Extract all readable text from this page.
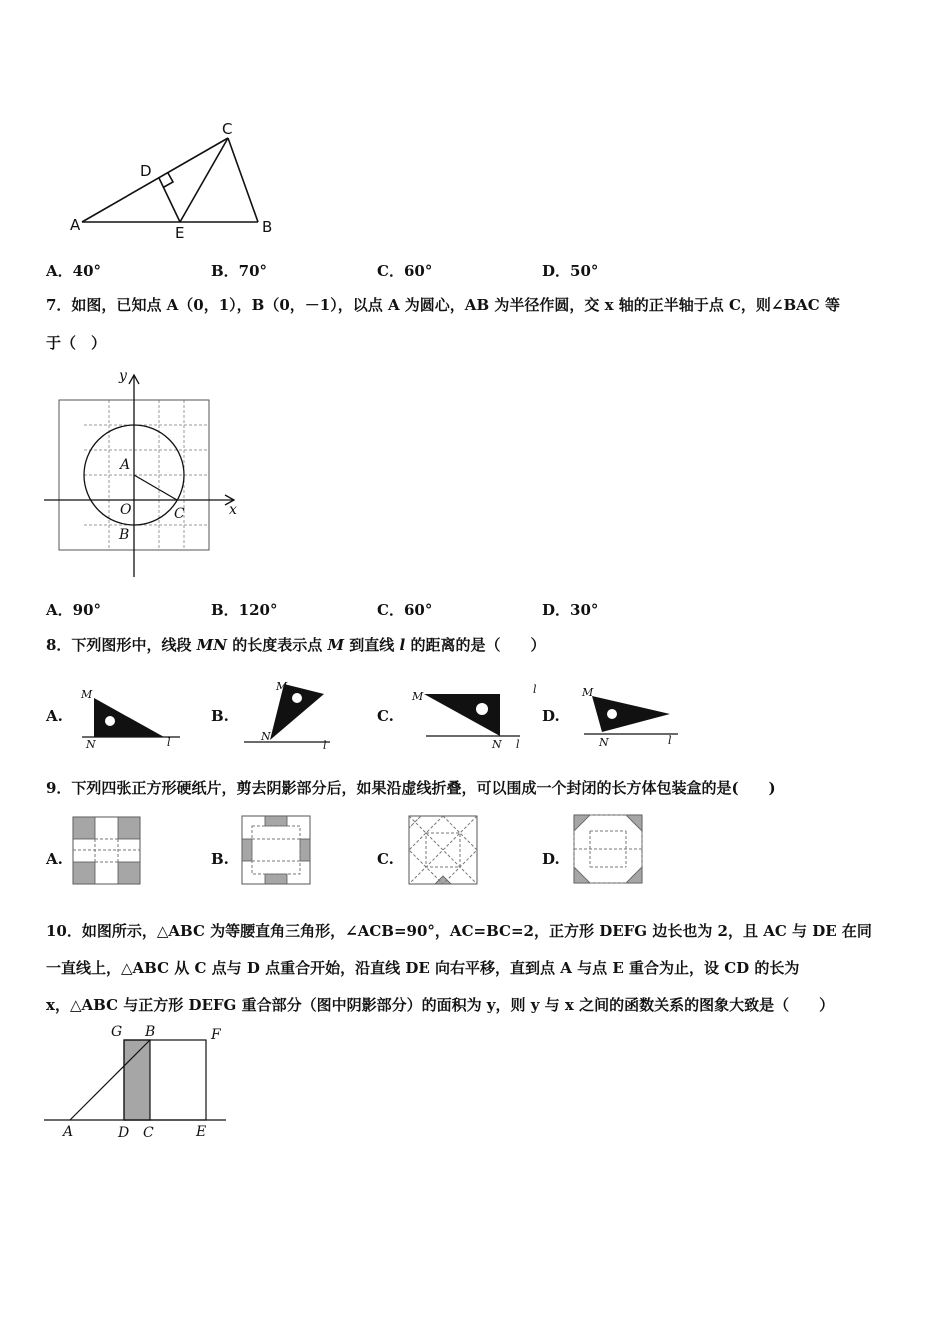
A	B
C
D
E
A．40°	B．70°	C．60°	D．50°
7．如图，已知点 A（0，1），B（0，－1），以点 A 为圆心，AB 为半径作圆，交 x 轴的正半轴于点 C，则∠BAC 等
于（　）
y
x
A
O	C
B
A．90°	B．120°	C．60°	D．30°
8．下列图形中，线段 MN 的长度表示点 M 到直线 l 的距离的是（　　）
A.	B.	C.	D.
M
N	l
M
N
l
M
N l
l	M
N	l
9．下列四张正方形硬纸片，剪去阴影部分后，如果沿虚线折叠，可以围成一个封闭的长方体包装盒的是(　　)
A.	B.	C.	D.
10．如图所示，△ABC 为等腰直角三角形，∠ACB=90°，AC=BC=2，正方形 DEFG 边长也为 2，且 AC 与 DE 在同
一直线上，△ABC 从 C 点与 D 点重合开始，沿直线 DE 向右平移，直到点 A 与点 E 重合为止，设 CD 的长为
x，△ABC 与正方形 DEFG 重合部分（图中阴影部分）的面积为 y，则 y 与 x 之间的函数关系的图象大致是（　　）
G B	F
A	D C	E
